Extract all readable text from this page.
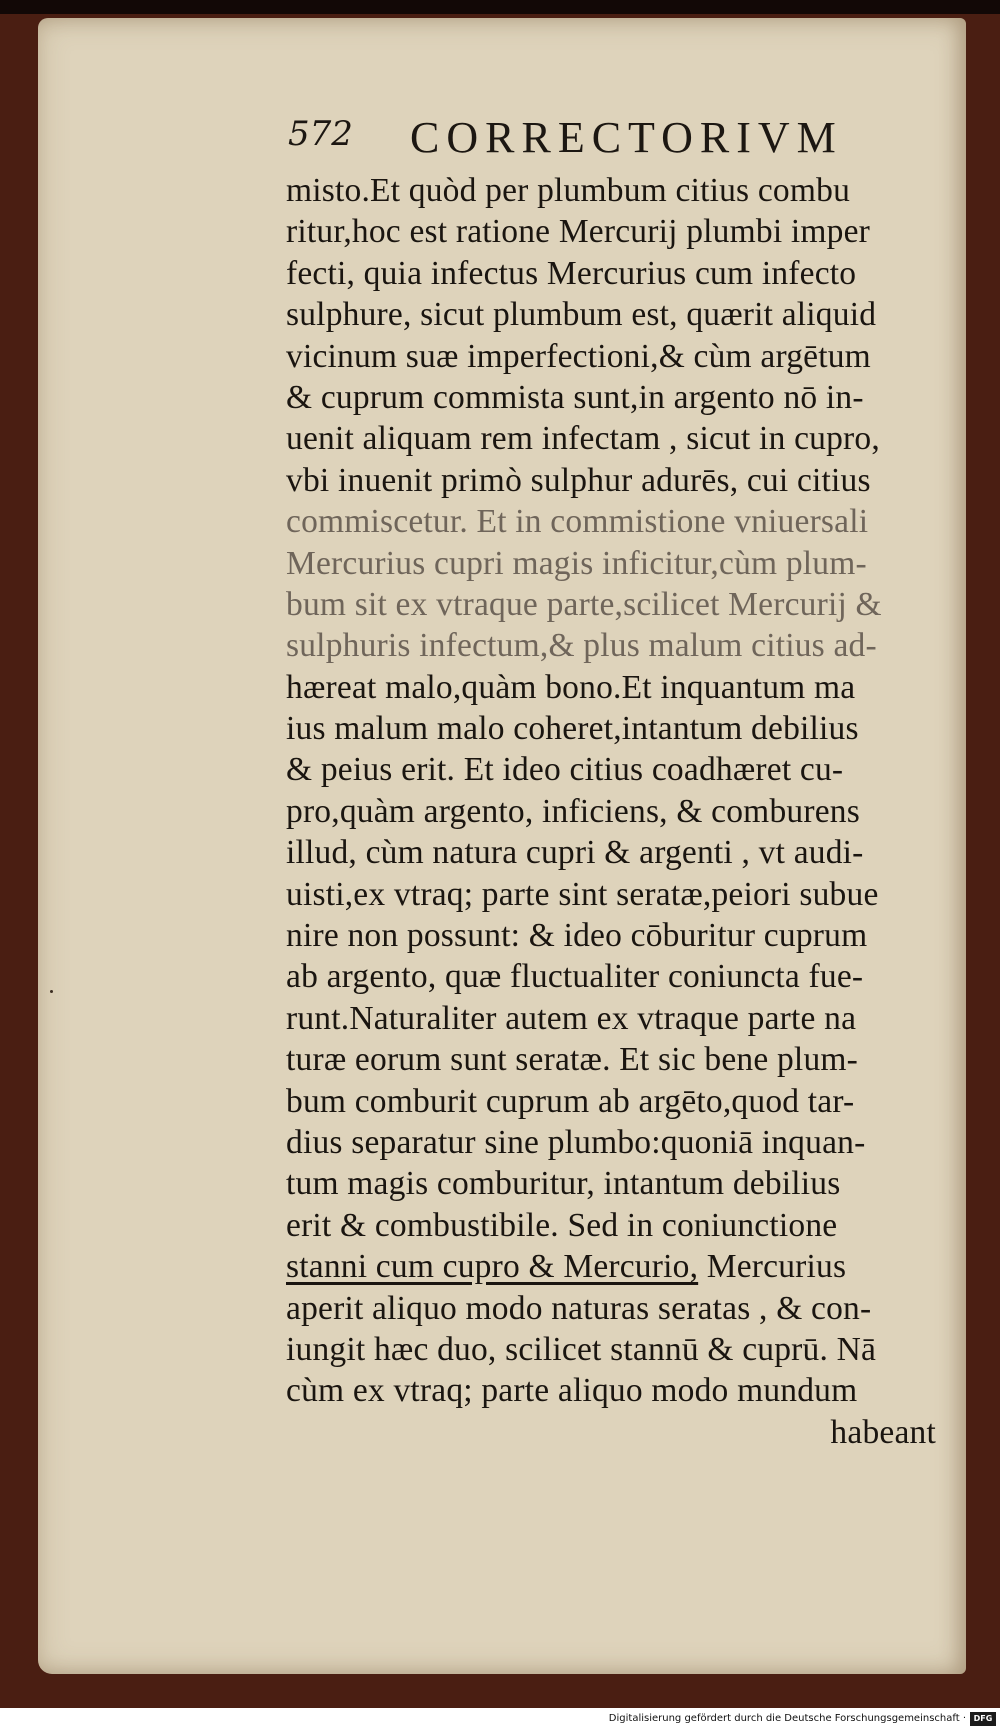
572 CORRECTORIVM
misto.Et quòd per plumbum citius combu
ritur,hoc est ratione Mercurij plumbi imper
fecti, quia infectus Mercurius cum infecto
sulphure, sicut plumbum est, quærit aliquid
vicinum suæ imperfectioni,& cùm argētum
& cuprum commista sunt,in argento nō in-
uenit aliquam rem infectam , sicut in cupro,
vbi inuenit primò sulphur adurēs, cui citius
commiscetur. Et in commistione vniuersali
Mercurius cupri magis inficitur,cùm plum-
bum sit ex vtraque parte,scilicet Mercurij &
sulphuris infectum,& plus malum citius ad-
hæreat malo,quàm bono.Et inquantum ma
ius malum malo coheret,intantum debilius
& peius erit. Et ideo citius coadhæret cu-
pro,quàm argento, inficiens, & comburens
illud, cùm natura cupri & argenti , vt audi-
uisti,ex vtraq; parte sint seratæ,peiori subue
nire non possunt: & ideo cōburitur cuprum
ab argento, quæ fluctualiter coniuncta fue-
runt.Naturaliter autem ex vtraque parte na
turæ eorum sunt seratæ. Et sic bene plum-
bum comburit cuprum ab argēto,quod tar-
dius separatur sine plumbo:quoniā inquan-
tum magis comburitur, intantum debilius
erit & combustibile. Sed in coniunctione
stanni cum cupro & Mercurio, Mercurius
aperit aliquo modo naturas seratas , & con-
iungit hæc duo, scilicet stannū & cuprū. Nā
cùm ex vtraq; parte aliquo modo mundum
habeant
Digitalisierung gefördert durch die Deutsche Forschungsgemeinschaft · DFG
